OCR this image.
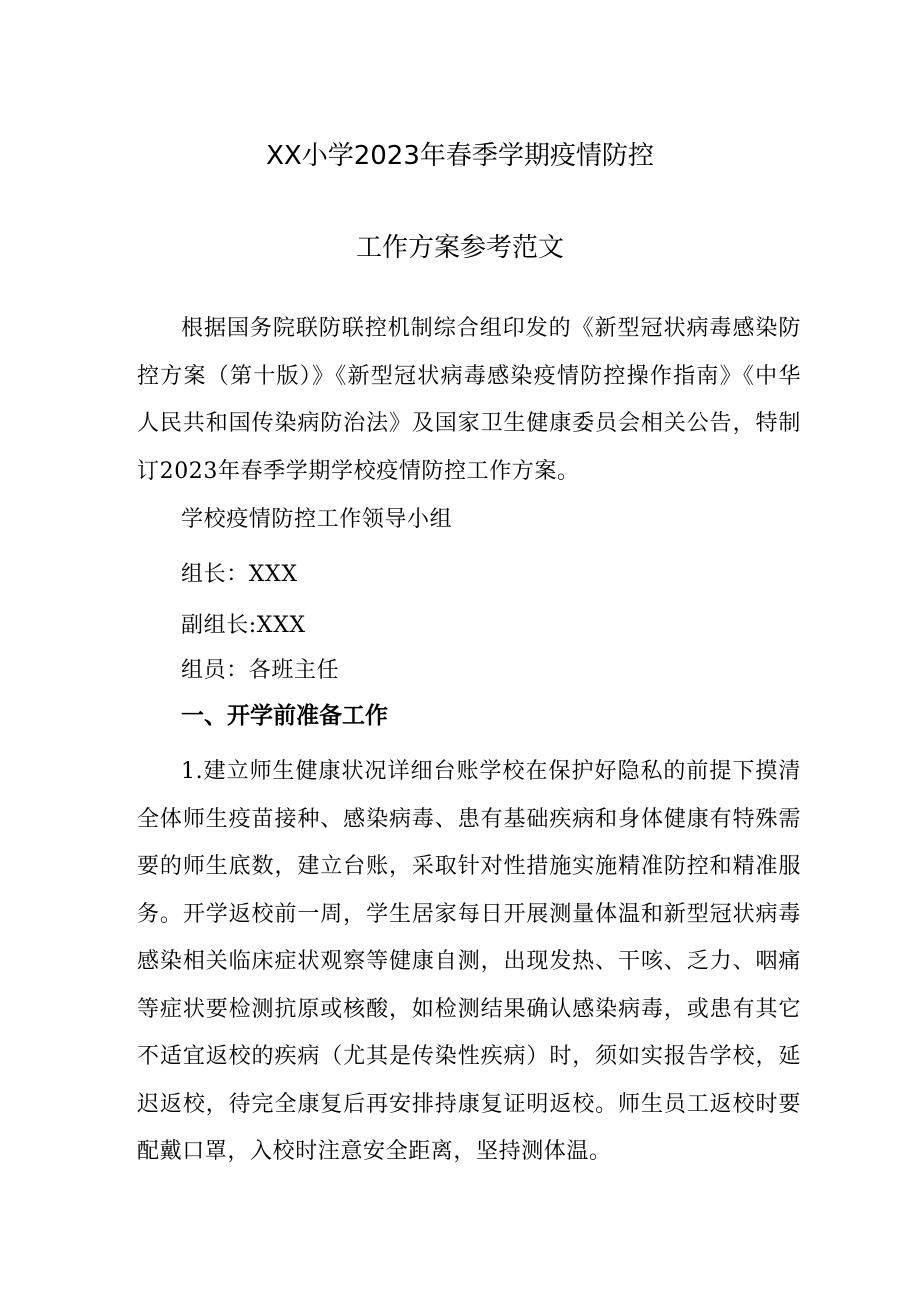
XX小学2023年春季学期疫情防控
工作方案参考范文

根据国务院联防联控机制综合组印发的《新型冠状病毒感染防控方案（第十版）》《新型冠状病毒感染疫情防控操作指南》《中华人民共和国传染病防治法》及国家卫生健康委员会相关公告，特制订2023年春季学期学校疫情防控工作方案。

学校疫情防控工作领导小组
组长：XXX
副组长:XXX
组员：各班主任
一、开学前准备工作

1.建立师生健康状况详细台账学校在保护好隐私的前提下摸清全体师生疫苗接种、感染病毒、患有基础疾病和身体健康有特殊需要的师生底数，建立台账，采取针对性措施实施精准防控和精准服务。开学返校前一周，学生居家每日开展测量体温和新型冠状病毒感染相关临床症状观察等健康自测，出现发热、干咳、乏力、咽痛等症状要检测抗原或核酸，如检测结果确认感染病毒，或患有其它不适宜返校的疾病（尤其是传染性疾病）时，须如实报告学校，延迟返校，待完全康复后再安排持康复证明返校。师生员工返校时要配戴口罩，入校时注意安全距离，坚持测体温。
